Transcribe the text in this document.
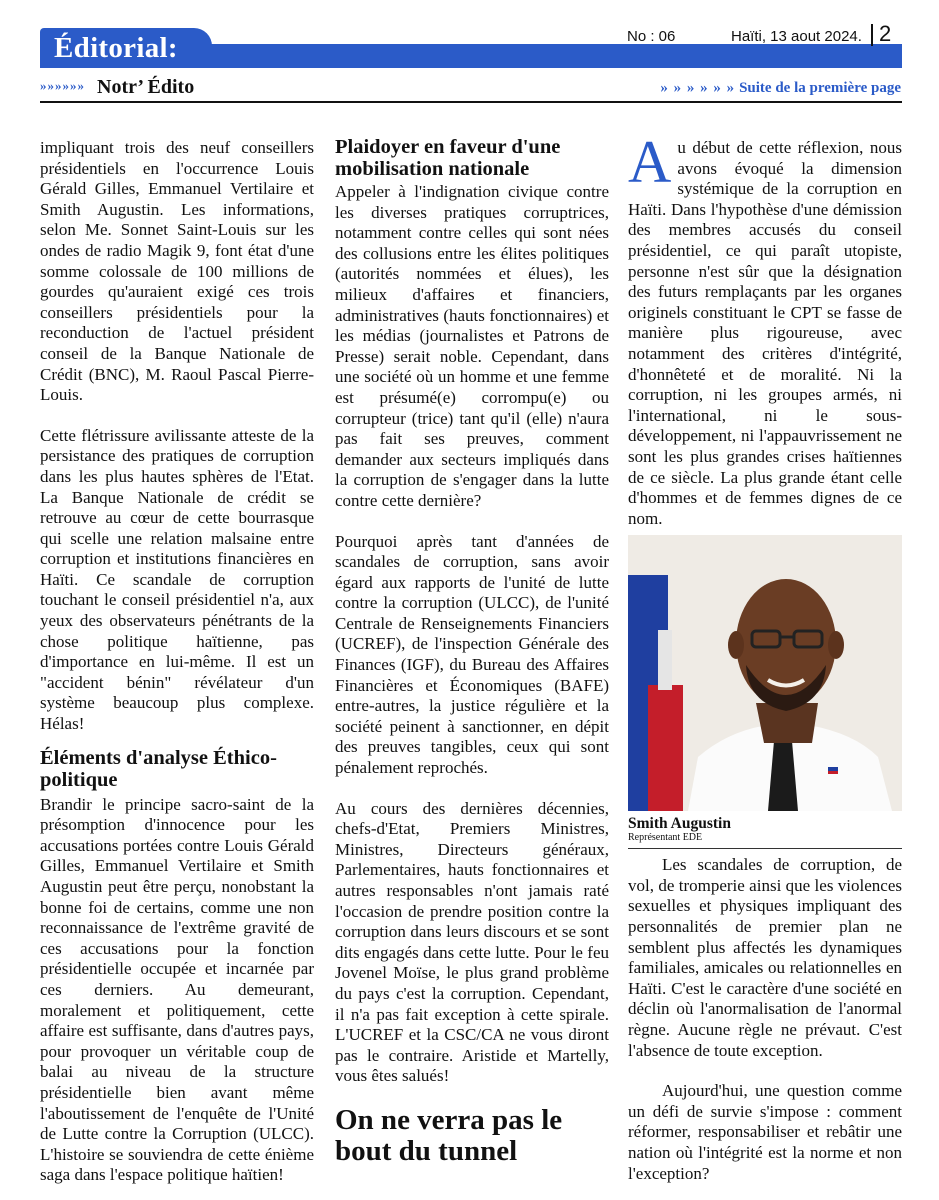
Éditorial:	No : 06	Haïti, 13 aout 2024. 2
»»»»»» Notr’ Édito	» » » » » » Suite de la première page

impliquant trois des neuf conseillers présidentiels en l'occurrence Louis Gérald Gilles, Emmanuel Vertilaire et Smith Augustin. Les informations, selon Me. Sonnet Saint-Louis sur les ondes de radio Magik 9, font état d'une somme colossale de 100 millions de gourdes qu'auraient exigé ces trois conseillers présidentiels pour la reconduction de l'actuel président conseil de la Banque Nationale de Crédit (BNC), M. Raoul Pascal Pierre-Louis.

Cette flétrissure avilissante atteste de la persistance des pratiques de corruption dans les plus hautes sphères de l'Etat. La Banque Nationale de crédit se retrouve au cœur de cette bourrasque qui scelle une relation malsaine entre corruption et institutions financières en Haïti. Ce scandale de corruption touchant le conseil présidentiel n'a, aux yeux des observateurs pénétrants de la chose politique haïtienne, pas d'importance en lui-même. Il est un "accident bénin" révélateur d'un système beaucoup plus complexe. Hélas!

Éléments d'analyse Éthico-politique

Brandir le principe sacro-saint de la présomption d'innocence pour les accusations portées contre Louis Gérald Gilles, Emmanuel Vertilaire et Smith Augustin peut être perçu, nonobstant la bonne foi de certains, comme une non reconnaissance de l'extrême gravité de ces accusations pour la fonction présidentielle occupée et incarnée par ces derniers. Au demeurant, moralement et politiquement, cette affaire est suffisante, dans d'autres pays, pour provoquer un véritable coup de balai au niveau de la structure présidentielle bien avant même l'aboutissement de l'enquête de l'Unité de Lutte contre la Corruption (ULCC). L'histoire se souviendra de cette énième saga dans l'espace politique haïtien!

Plaidoyer en faveur d'une mobilisation nationale

Appeler à l'indignation civique contre les diverses pratiques corruptrices, notamment contre celles qui sont nées des collusions entre les élites politiques (autorités nommées et élues), les milieux d'affaires et financiers, administratives (hauts fonctionnaires) et les médias (journalistes et Patrons de Presse) serait noble. Cependant, dans une société où un homme et une femme est présumé(e) corrompu(e) ou corrupteur (trice) tant qu'il (elle) n'aura pas fait ses preuves, comment demander aux secteurs impliqués dans la corruption de s'engager dans la lutte contre cette dernière?

Pourquoi après tant d'années de scandales de corruption, sans avoir égard aux rapports de l'unité de lutte contre la corruption (ULCC), de l'unité Centrale de Renseignements Financiers (UCREF), de l'inspection Générale des Finances (IGF), du Bureau des Affaires Financières et Économiques (BAFE) entre-autres, la justice régulière et la société peinent à sanctionner, en dépit des preuves tangibles, ceux qui sont pénalement reprochés.

Au cours des dernières décennies, chefs-d'Etat, Premiers Ministres, Ministres, Directeurs généraux, Parlementaires, hauts fonctionnaires et autres responsables n'ont jamais raté l'occasion de prendre position contre la corruption dans leurs discours et se sont dits engagés dans cette lutte. Pour le feu Jovenel Moïse, le plus grand problème du pays c'est la corruption. Cependant, il n'a pas fait exception à cette spirale. L'UCREF et la CSC/CA ne vous diront pas le contraire. Aristide et Martelly, vous êtes salués!

On ne verra pas le bout du tunnel

Au début de cette réflexion, nous avons évoqué la dimension systémique de la corruption en Haïti. Dans l'hypothèse d'une démission des membres accusés du conseil présidentiel, ce qui paraît utopiste, personne n'est sûr que la désignation des futurs remplaçants par les organes originels constituant le CPT se fasse de manière plus rigoureuse, avec notamment des critères d'intégrité, d'honnêteté et de moralité. Ni la corruption, ni les groupes armés, ni l'international, ni le sous-développement, ni l'appauvrissement ne sont les plus grandes crises haïtiennes de ce siècle. La plus grande étant celle d'hommes et de femmes dignes de ce nom.

Smith Augustin
Représentant EDE

Les scandales de corruption, de vol, de tromperie ainsi que les violences sexuelles et physiques impliquant des personnalités de premier plan ne semblent plus affectés les dynamiques familiales, amicales ou relationnelles en Haïti. C'est le caractère d'une société en déclin où l'anormalisation de l'anormal règne. Aucune règle ne prévaut. C'est l'absence de toute exception.

Aujourd'hui, une question comme un défi de survie s'impose : comment réformer, responsabiliser et rebâtir une nation où l'intégrité est la norme et non l'exception?
